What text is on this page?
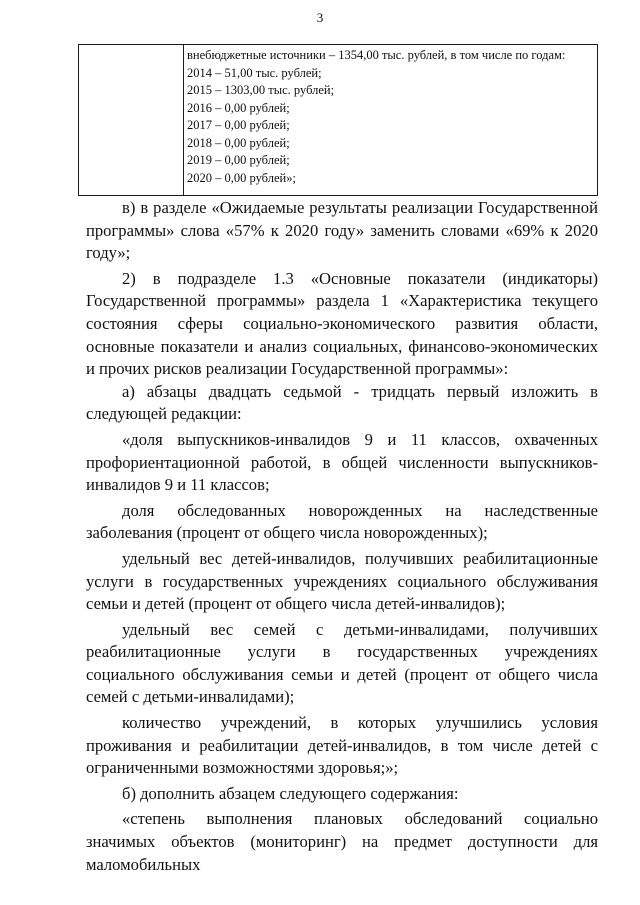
3

внебюджетные источники – 1354,00 тыс. рублей, в том числе по годам:
2014 – 51,00 тыс. рублей;
2015 – 1303,00 тыс. рублей;
2016 – 0,00 рублей;
2017 – 0,00 рублей;
2018 – 0,00 рублей;
2019 – 0,00 рублей;
2020 – 0,00 рублей»;

в) в разделе «Ожидаемые результаты реализации Государственной программы» слова «57% к 2020 году» заменить словами «69% к 2020 году»;

2) в подразделе 1.3 «Основные показатели (индикаторы) Государственной программы» раздела 1 «Характеристика текущего состояния сферы социально-экономического развития области, основные показатели и анализ социальных, финансово-экономических и прочих рисков реализации Государственной программы»:

а) абзацы двадцать седьмой - тридцать первый изложить в следующей редакции:

«доля выпускников-инвалидов 9 и 11 классов, охваченных профориентационной работой, в общей численности выпускников-инвалидов 9 и 11 классов;

доля обследованных новорожденных на наследственные заболевания (процент от общего числа новорожденных);

удельный вес детей-инвалидов, получивших реабилитационные услуги в государственных учреждениях социального обслуживания семьи и детей (процент от общего числа детей-инвалидов);

удельный вес семей с детьми-инвалидами, получивших реабилитационные услуги в государственных учреждениях социального обслуживания семьи и детей (процент от общего числа семей с детьми-инвалидами);

количество учреждений, в которых улучшились условия проживания и реабилитации детей-инвалидов, в том числе детей с ограниченными возможностями здоровья;»;

б) дополнить абзацем следующего содержания:

«степень выполнения плановых обследований социально значимых объектов (мониторинг) на предмет доступности для маломобильных
